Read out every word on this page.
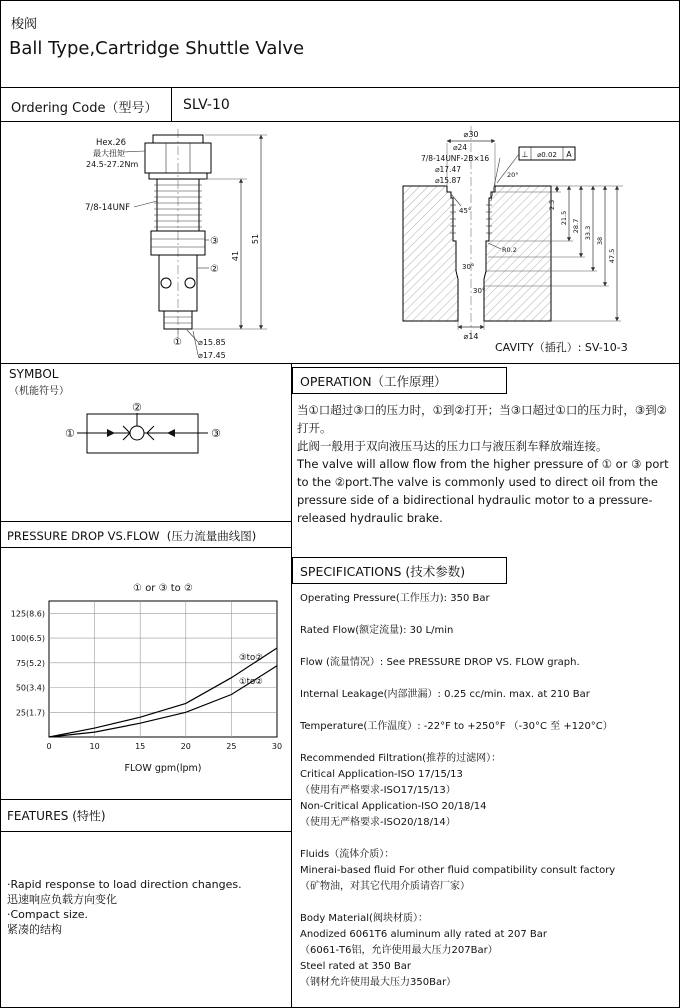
梭阀
Ball Type,Cartridge Shuttle Valve
Ordering Code（型号） SLV-10
Hex.26
最大扭矩
24.5-27.2Nm
7/8-14UNF
41
51
⌀15.85
⌀17.45
①
②
③
⌀30
⌀24
7/8-14UNF-2B×16
⌀17.47
⌀15.87
⊥ ⌀0.02 A
20°
45°
30°
30°
R0.2
2.5
21.5
28.7 33.3
38
47.5
⌀14
CAVITY（插孔）: SV-10-3
SYMBOL
（机能符号）
②
①	③
OPERATION（工作原理）

当①口超过③口的压力时，①到②打开；当③口超过①口的压力时，③到②打开。

此阀一般用于双向液压马达的压力口与液压刹车释放端连接。

The valve will allow flow from the higher pressure of ① or ③ port to the ②port.The valve is commonly used to direct oil from the pressure side of a bidirectional hydraulic motor to a pressure-released hydraulic brake.

PRESSURE DROP VS.FLOW  (压力流量曲线图)
① or ③ to ②
125(8.6)
100(6.5)
75(5.2)
50(3.4)
25(1.7)
0	10	15	20	25	30
③to②
①to②
FLOW gpm(lpm)
SPECIFICATIONS (技术参数)
Operating Pressure(工作压力): 350 Bar
Rated Flow(额定流量): 30 L/min
Flow (流量情况）: See PRESSURE DROP VS. FLOW graph.
Internal Leakage(内部泄漏）: 0.25 cc/min. max. at 210 Bar
Temperature(工作温度）: -22°F to +250°F （-30°C 至 +120°C）
Recommended Filtration(推荐的过滤网）：
Critical Application-ISO 17/15/13
（使用有严格要求-ISO17/15/13）
Non-Critical Application-ISO 20/18/14
（使用无严格要求-ISO20/18/14）
Fluids（流体介质）：
Minerai-based fluid For other fluid compatibility consult factory
（矿物油，对其它代用介质请咨厂家）
Body Material(阀块材质）：
Anodized 6061T6 aluminum ally rated at 207 Bar
（6061-T6铝，允许使用最大压力207Bar）
Steel rated at 350 Bar
（钢材允许使用最大压力350Bar）
FEATURES (特性)
·Rapid response to load direction changes.
迅速响应负载方向变化
·Compact size.
紧凑的结构
